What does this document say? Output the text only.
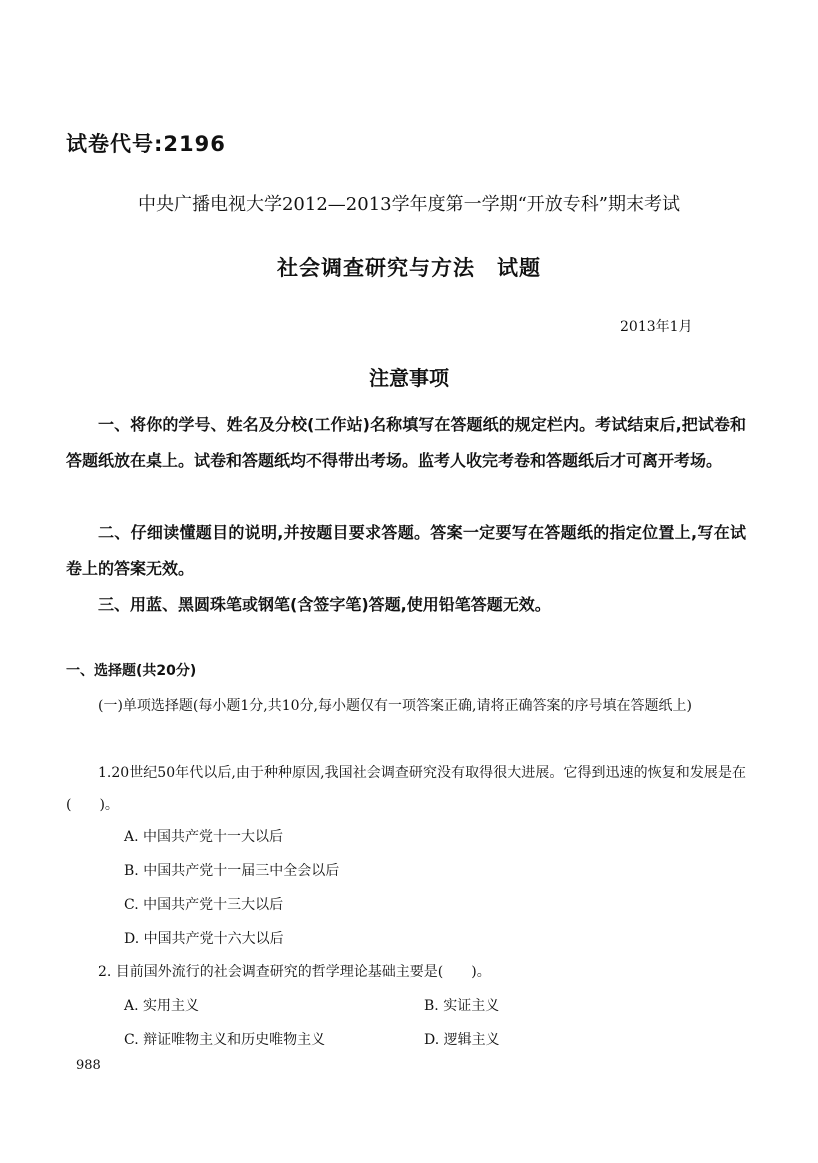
试卷代号:2196
中央广播电视大学2012—2013学年度第一学期“开放专科”期末考试
社会调查研究与方法　试题
2013年1月
注意事项
一、将你的学号、姓名及分校(工作站)名称填写在答题纸的规定栏内。考试结束后,把试卷和答题纸放在桌上。试卷和答题纸均不得带出考场。监考人收完考卷和答题纸后才可离开考场。
二、仔细读懂题目的说明,并按题目要求答题。答案一定要写在答题纸的指定位置上,写在试卷上的答案无效。
三、用蓝、黑圆珠笔或钢笔(含签字笔)答题,使用铅笔答题无效。
一、选择题(共20分)
(一)单项选择题(每小题1分,共10分,每小题仅有一项答案正确,请将正确答案的序号填在答题纸上)
1.20世纪50年代以后,由于种种原因,我国社会调查研究没有取得很大进展。它得到迅速的恢复和发展是在(　　)。
A. 中国共产党十一大以后
B. 中国共产党十一届三中全会以后
C. 中国共产党十三大以后
D. 中国共产党十六大以后
2. 目前国外流行的社会调查研究的哲学理论基础主要是(　　)。
A. 实用主义	B. 实证主义
C. 辩证唯物主义和历史唯物主义	D. 逻辑主义
988
